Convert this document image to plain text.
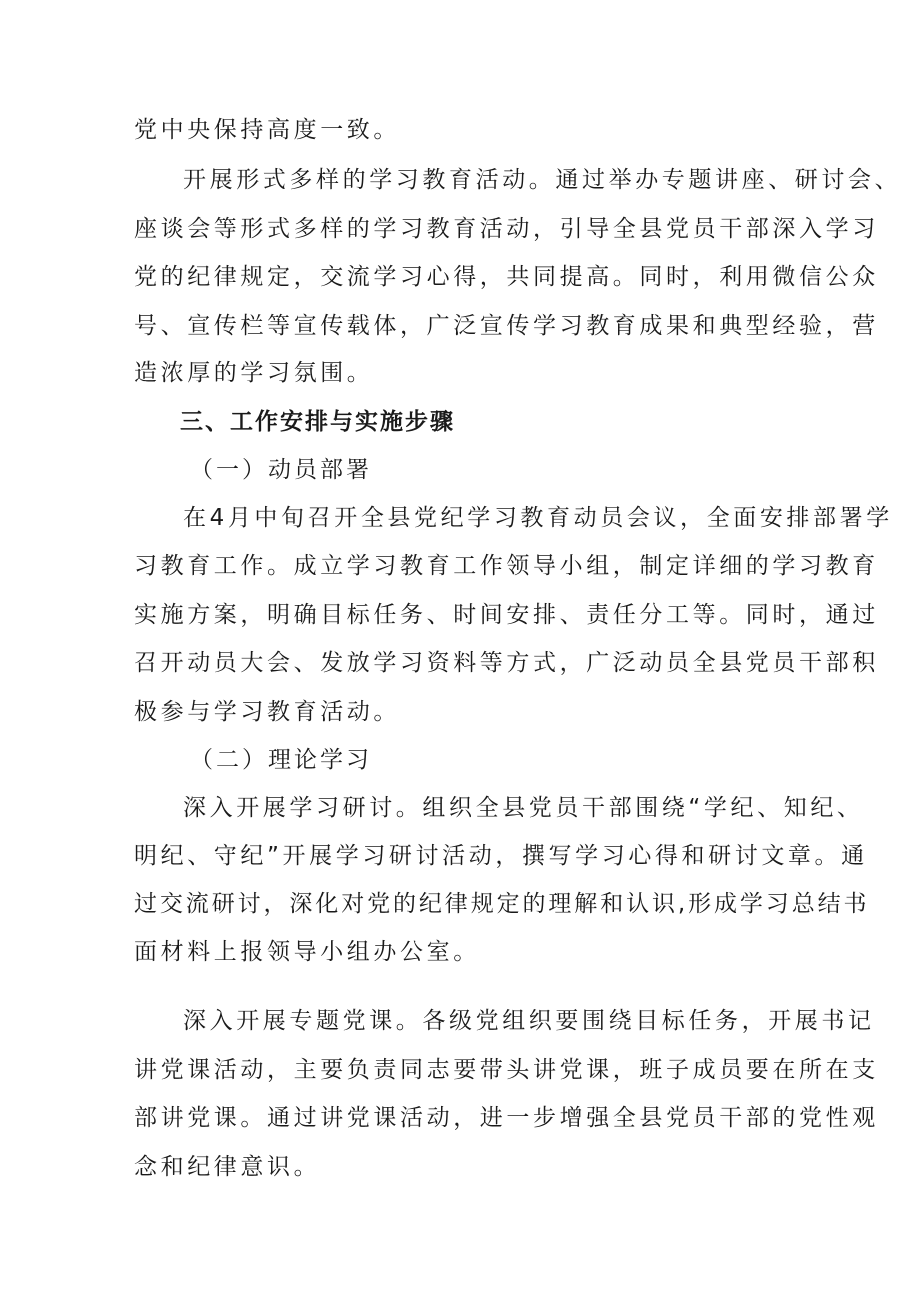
党中央保持高度一致。
开展形式多样的学习教育活动。通过举办专题讲座、研讨会、
座谈会等形式多样的学习教育活动，引导全县党员干部深入学习
党的纪律规定，交流学习心得，共同提高。同时，利用微信公众
号、宣传栏等宣传载体，广泛宣传学习教育成果和典型经验，营
造浓厚的学习氛围。
三、工作安排与实施步骤
（一）动员部署
在4月中旬召开全县党纪学习教育动员会议，全面安排部署学
习教育工作。成立学习教育工作领导小组，制定详细的学习教育
实施方案，明确目标任务、时间安排、责任分工等。同时，通过
召开动员大会、发放学习资料等方式，广泛动员全县党员干部积
极参与学习教育活动。
（二）理论学习
深入开展学习研讨。组织全县党员干部围绕“学纪、知纪、
明纪、守纪”开展学习研讨活动，撰写学习心得和研讨文章。通
过交流研讨，深化对党的纪律规定的理解和认识,形成学习总结书
面材料上报领导小组办公室。
深入开展专题党课。各级党组织要围绕目标任务，开展书记
讲党课活动，主要负责同志要带头讲党课，班子成员要在所在支
部讲党课。通过讲党课活动，进一步增强全县党员干部的党性观
念和纪律意识。
